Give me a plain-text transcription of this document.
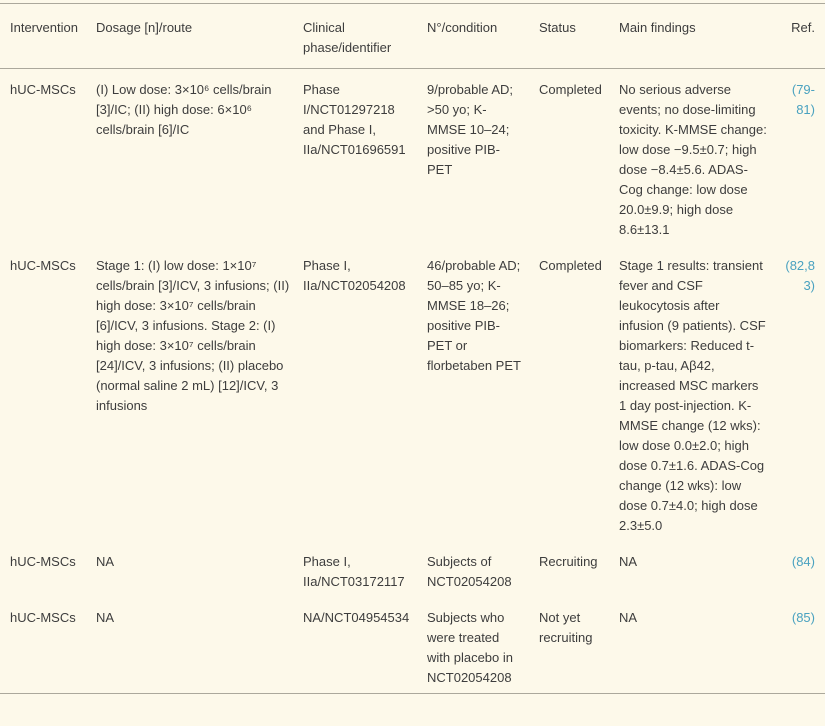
Intervention	Dosage [n]/route	Clinical phase/identifier	N°/condition	Status	Main findings	Ref.
hUC-MSCs	(I) Low dose: 3×10⁶ cells/brain [3]/IC; (II) high dose: 6×10⁶ cells/brain [6]/IC	Phase I/NCT01297218 and Phase I, IIa/NCT01696591	9/probable AD; >50 yo; K-MMSE 10–24; positive PIB-PET	Completed	No serious adverse events; no dose-limiting toxicity. K-MMSE change: low dose −9.5±0.7; high dose −8.4±5.6. ADAS-Cog change: low dose 20.0±9.9; high dose 8.6±13.1	(79-81)
hUC-MSCs	Stage 1: (I) low dose: 1×10⁷ cells/brain [3]/ICV, 3 infusions; (II) high dose: 3×10⁷ cells/brain [6]/ICV, 3 infusions. Stage 2: (I) high dose: 3×10⁷ cells/brain [24]/ICV, 3 infusions; (II) placebo (normal saline 2 mL) [12]/ICV, 3 infusions	Phase I, IIa/NCT02054208	46/probable AD; 50–85 yo; K-MMSE 18–26; positive PIB-PET or florbetaben PET	Completed	Stage 1 results: transient fever and CSF leukocytosis after infusion (9 patients). CSF biomarkers: Reduced t-tau, p-tau, Aβ42, increased MSC markers 1 day post-injection. K-MMSE change (12 wks): low dose 0.0±2.0; high dose 0.7±1.6. ADAS-Cog change (12 wks): low dose 0.7±4.0; high dose 2.3±5.0	(82,83)
hUC-MSCs	NA	Phase I, IIa/NCT03172117	Subjects of NCT02054208	Recruiting	NA	(84)
hUC-MSCs	NA	NA/NCT04954534	Subjects who were treated with placebo in NCT02054208	Not yet recruiting	NA	(85)
